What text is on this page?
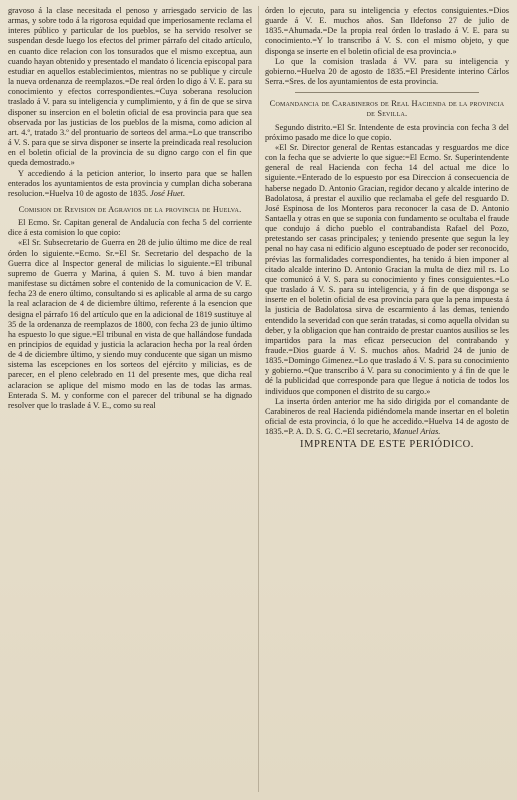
gravoso á la clase necesitada el penoso y arriesgado servicio de las armas, y sobre todo á la rigorosa equidad que imperiosamente reclama el interes público y particular de los pueblos, se ha servido resolver se suspendan desde luego los efectos del primer párrafo del citado artículo, en cuanto dice relacion con los tonsurados que el mismo exceptua, aun cuando hayan obtenido y presentado el mandato ó licencia episcopal para estudiar en aquellos establecimientos, mientras no se publique y circule la nueva ordenanza de reemplazos.=De real órden lo digo á V. E. para su conocimiento y efectos correspondientes.=Cuya soberana resolucion traslado á V. para su inteligencia y cumplimiento, y á fin de que se sirva disponer su insercion en el boletin oficial de esa provincia para que sea observada por las justicias de los pueblos de la misma, como adicion al art. 4.º, tratado 3.º del prontuario de sorteos del arma.=Lo que transcribo á V. S. para que se sirva disponer se inserte la preindicada real resolucion en el boletin oficial de la provincia de su digno cargo con el fin que queda demostrado.»

Y accediendo á la peticion anterior, lo inserto para que se hallen enterados los ayuntamientos de esta provincia y cumplan dicha soberana resolucion.=Huelva 10 de agosto de 1835. José Huet.

Comision de Revision de Agravios de la provincia de Huelva.

El Ecmo. Sr. Capitan general de Andalucía con fecha 5 del corriente dice á esta comision lo que copio:

«El Sr. Subsecretario de Guerra en 28 de julio último me dice de real órden lo siguiente.=Ecmo. Sr.=El Sr. Secretario del despacho de la Guerra dice al Inspector general de milicias lo siguiente.=El tribunal supremo de Guerra y Marina, á quien S. M. tuvo á bien mandar manifestase su dictámen sobre el contenido de la comunicacion de V. E. fecha 23 de enero último, consultando si es aplicable al arma de su cargo la real aclaracion de 4 de diciembre último, referente á la esencion que designa el párrafo 16 del artículo que en la adicional de 1819 sustituye al 35 de la ordenanza de reemplazos de 1800, con fecha 23 de junio último ha espuesto lo que sigue.=El tribunal en vista de que hallándose fundada en principios de equidad y justicia la aclaracion hecha por la real órden de 4 de diciembre último, y siendo muy conducente que sigan un mismo sistema las escepciones en los sorteos del ejército y milicias, es de parecer, en el pleno celebrado en 11 del presente mes, que dicha real aclaracion se aplique del mismo modo en las de todas las armas. Enterada S. M. y conforme con el parecer del tribunal se ha dignado resolver que lo traslade á V. E., como su real

órden lo ejecuto, para su inteligencia y efectos consiguientes.=Dios guarde á V. E. muchos años. San Ildefonso 27 de julio de 1835.=Ahumada.=De la propia real órden lo traslado á V. E. para su conocimiento.=Y lo transcribo á V. S. con el mismo objeto, y que disponga se inserte en el boletin oficial de esa provincia.»

Lo que la comision traslada á VV. para su inteligencia y gobierno.=Huelva 20 de agosto de 1835.=El Presidente interino Cárlos Serra.=Sres. de los ayuntamientos de esta provincia.

Comandancia de Carabineros de Real Hacienda de la provincia de Sevilla.

Segundo distrito.=El Sr. Intendente de esta provincia con fecha 3 del próximo pasado me dice lo que copio.

«El Sr. Director general de Rentas estancadas y resguardos me dice con la fecha que se advierte lo que sigue:=El Ecmo. Sr. Superintendente general de real Hacienda con fecha 14 del actual me dice lo siguiente.=Enterado de lo espuesto por esa Direccion á consecuencia de haberse negado D. Antonio Gracian, regidor decano y alcalde interino de Badolatosa, á prestar el auxilio que reclamaba el gefe del resguardo D. José Espinosa de los Monteros para reconocer la casa de D. Antonio Santaella y otras en que se suponia con fundamento se ocultaba el fraude que condujo á dicho pueblo el contrabandista Rafael del Pozo, pretestando ser casas principales; y teniendo presente que segun la ley penal no hay casa ni edificio alguno esceptuado de poder ser reconocido, prévias las formalidades correspondientes, ha tenido á bien imponer al citado alcalde interino D. Antonio Gracian la multa de diez mil rs. Lo que comunicó á V. S. para su conocimiento y fines consiguientes.=Lo que traslado á V. S. para su inteligencia, y á fin de que disponga se inserte en el boletin oficial de esa provincia para que la pena impuesta á la justicia de Badolatosa sirva de escarmiento á las demas, teniendo entendido la severidad con que serán tratadas, si como aquella olvidan su deber, y la obligacion que han contraido de prestar cuantos ausilios se les impartidos para la mas eficaz persecucion del contrabando y fraude.=Dios guarde á V. S. muchos años. Madrid 24 de junio de 1835.=Domingo Gimenez.=Lo que traslado á V. S. para su conocimiento y gobierno.=Que transcribo á V. para su conocimiento y á fin de que le dé la publicidad que corresponde para que llegue á noticia de todos los individuos que componen el distrito de su cargo.»

La inserta órden anterior me ha sido dirigida por el comandante de Carabineros de real Hacienda pidiéndomela mande insertar en el boletin oficial de esta provincia, ó lo que he accedido.=Huelva 14 de agosto de 1835.=P. A. D. S. G. C.=El secretario, Manuel Arias.

IMPRENTA DE ESTE PERIÓDICO.
